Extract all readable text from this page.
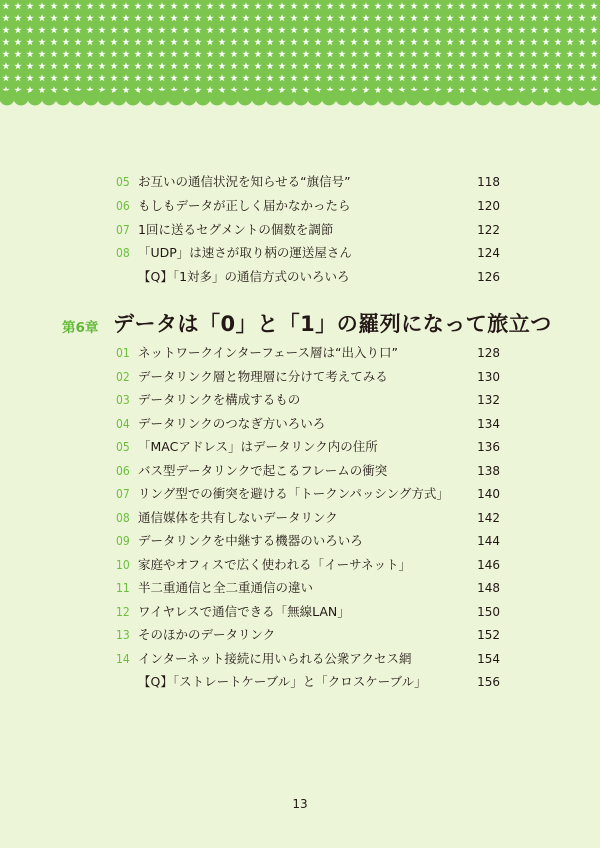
05 お互いの通信状況を知らせる“旗信号”	118
06 もしもデータが正しく届かなかったら	120
07 1回に送るセグメントの個数を調節	122
08 「UDP」は速さが取り柄の運送屋さん	124
【Q】「1対多」の通信方式のいろいろ	126
第6章 データは「0」と「1」の羅列になって旅立つ
01 ネットワークインターフェース層は“出入り口”	128
02 データリンク層と物理層に分けて考えてみる	130
03 データリンクを構成するもの	132
04 データリンクのつなぎ方いろいろ	134
05 「MACアドレス」はデータリンク内の住所	136
06 バス型データリンクで起こるフレームの衝突	138
07 リング型での衝突を避ける「トークンパッシング方式」 140
08 通信媒体を共有しないデータリンク	142
09 データリンクを中継する機器のいろいろ	144
10 家庭やオフィスで広く使われる「イーサネット」	146
11 半二重通信と全二重通信の違い	148
12 ワイヤレスで通信できる「無線LAN」	150
13 そのほかのデータリンク	152
14 インターネット接続に用いられる公衆アクセス網	154
【Q】「ストレートケーブル」と「クロスケーブル」	156
13
